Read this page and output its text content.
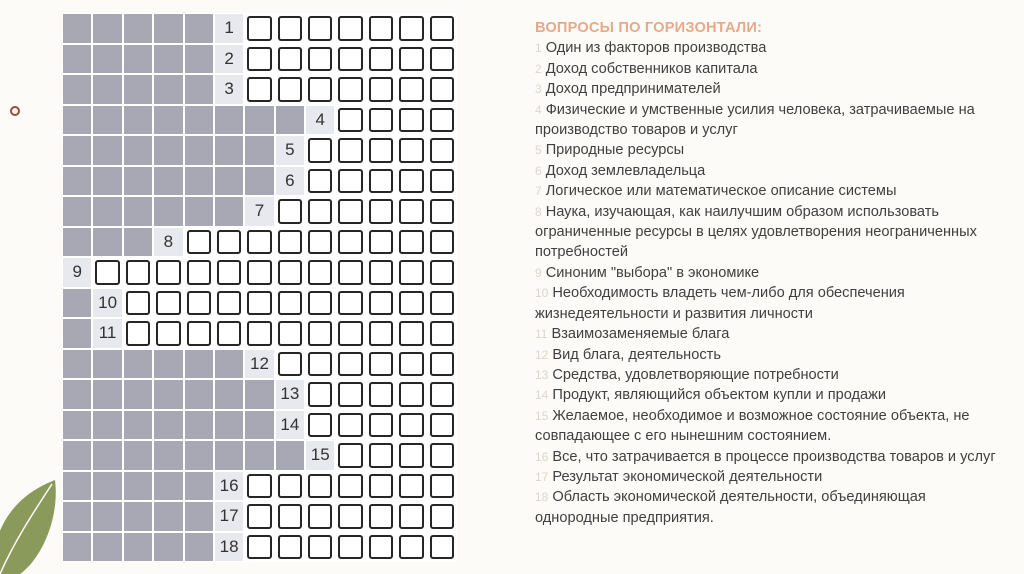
1
2
3
4
5
6
7
8
9
10
11
12
13
14
15
16
17
18
ВОПРОСЫ ПО ГОРИЗОНТАЛИ:
1 Один из факторов производства
2 Доход собственников капитала
3 Доход предпринимателей
4 Физические и умственные усилия человека, затрачиваемые на производство товаров и услуг
5 Природные ресурсы
6 Доход землевладельца
7 Логическое или математическое описание системы
8 Наука, изучающая, как наилучшим образом использовать ограниченные ресурсы в целях удовлетворения неограниченных потребностей
9 Синоним "выбора" в экономике
10 Необходимость владеть чем-либо для обеспечения жизнедеятельности и развития личности
11 Взаимозаменяемые блага
12 Вид блага, деятельность
13 Средства, удовлетворяющие потребности
14 Продукт, являющийся объектом купли и продажи
15 Желаемое, необходимое и возможное состояние объекта, не совпадающее с его нынешним состоянием.
16 Все, что затрачивается в процессе производства товаров и услуг
17 Результат экономической деятельности
18 Область экономической деятельности, объединяющая однородные предприятия.
